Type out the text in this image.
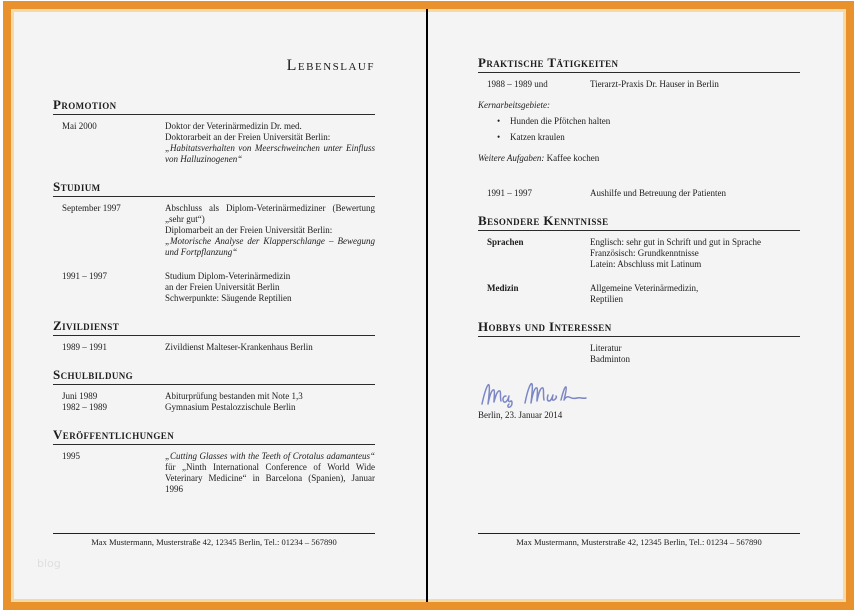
Lebenslauf
Promotion
Mai 2000	Doktor der Veterinärmedizin Dr. med.
Doktorarbeit an der Freien Universität Berlin:
„Habitatsverhalten von Meerschweinchen unter Einfluss von Halluzinogenen“
Studium
September 1997	Abschluss als Diplom-Veterinärmediziner (Bewertung „sehr gut“)
Diplomarbeit an der Freien Universität Berlin:
„Motorische Analyse der Klapperschlange – Bewegung und Fortpflanzung“
1991 – 1997	Studium Diplom-Veterinärmedizin
an der Freien Universität Berlin
Schwerpunkte: Säugende Reptilien
Zivildienst
1989 – 1991	Zivildienst Malteser-Krankenhaus Berlin
Schulbildung
Juni 1989	Abiturprüfung bestanden mit Note 1,3
1982 – 1989	Gymnasium Pestalozzischule Berlin
Veröffentlichungen
1995	„Cutting Glasses with the Teeth of Crotalus adamanteus“ für „Ninth International Conference of World Wide Veterinary Medicine“ in Barcelona (Spanien), Januar 1996
Max Mustermann, Musterstraße 42, 12345 Berlin, Tel.: 01234 – 567890
Praktische Tätigkeiten
1988 – 1989 und	Tierarzt-Praxis Dr. Hauser in Berlin
Kernarbeitsgebiete:
• Hunden die Pfötchen halten
• Katzen kraulen
Weitere Aufgaben: Kaffee kochen
1991 – 1997	Aushilfe und Betreuung der Patienten
Besondere Kenntnisse
Sprachen	Englisch: sehr gut in Schrift und gut in Sprache
Französisch: Grundkenntnisse
Latein: Abschluss mit Latinum
Medizin	Allgemeine Veterinärmedizin,
Reptilien
Hobbys und Interessen
Literatur
Badminton
Berlin, 23. Januar 2014
Max Mustermann, Musterstraße 42, 12345 Berlin, Tel.: 01234 – 567890
blog
